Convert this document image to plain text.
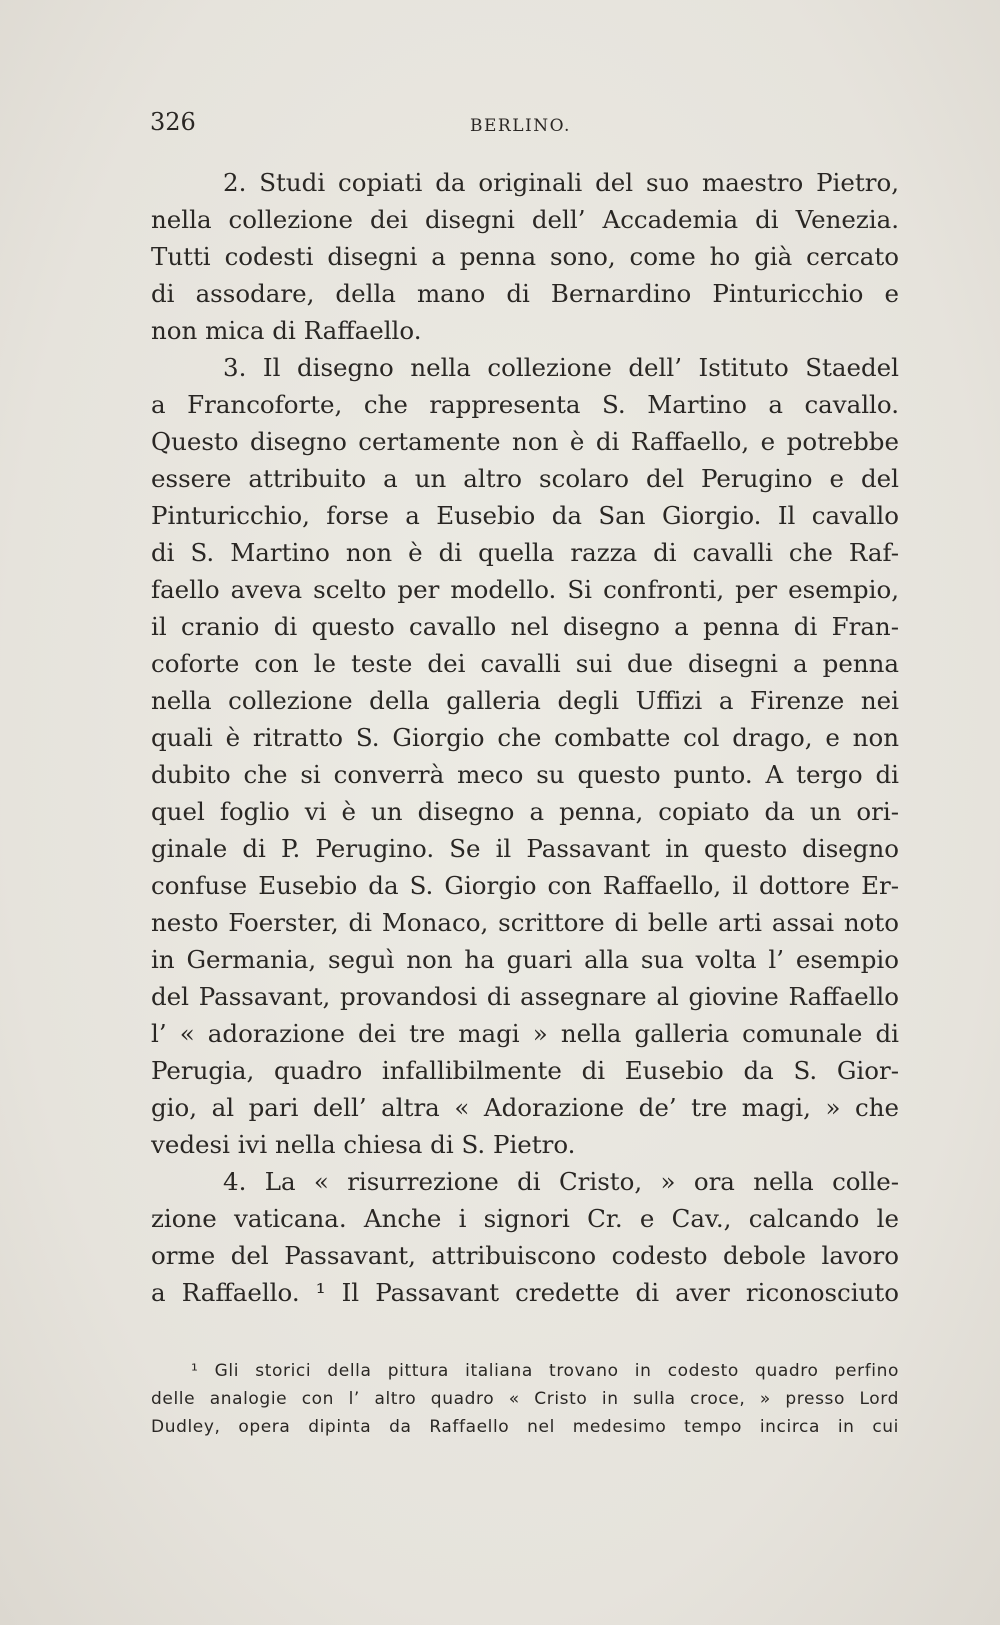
326	BERLINO.
2. Studi copiati da originali del suo maestro Pietro,
nella collezione dei disegni dell’ Accademia di Venezia.
Tutti codesti disegni a penna sono, come ho già cercato
di assodare, della mano di Bernardino Pinturicchio e
non mica di Raffaello.
3. Il disegno nella collezione dell’ Istituto Staedel
a Francoforte, che rappresenta S. Martino a cavallo.
Questo disegno certamente non è di Raffaello, e potrebbe
essere attribuito a un altro scolaro del Perugino e del
Pinturicchio, forse a Eusebio da San Giorgio. Il cavallo
di S. Martino non è di quella razza di cavalli che Raf-
faello aveva scelto per modello. Si confronti, per esempio,
il cranio di questo cavallo nel disegno a penna di Fran-
coforte con le teste dei cavalli sui due disegni a penna
nella collezione della galleria degli Uffizi a Firenze nei
quali è ritratto S. Giorgio che combatte col drago, e non
dubito che si converrà meco su questo punto. A tergo di
quel foglio vi è un disegno a penna, copiato da un ori-
ginale di P. Perugino. Se il Passavant in questo disegno
confuse Eusebio da S. Giorgio con Raffaello, il dottore Er-
nesto Foerster, di Monaco, scrittore di belle arti assai noto
in Germania, seguì non ha guari alla sua volta l’ esempio
del Passavant, provandosi di assegnare al giovine Raffaello
l’ « adorazione dei tre magi » nella galleria comunale di
Perugia, quadro infallibilmente di Eusebio da S. Gior-
gio, al pari dell’ altra « Adorazione de’ tre magi, » che
vedesi ivi nella chiesa di S. Pietro.
4. La « risurrezione di Cristo, » ora nella colle-
zione vaticana. Anche i signori Cr. e Cav., calcando le
orme del Passavant, attribuiscono codesto debole lavoro
a Raffaello. ¹ Il Passavant credette di aver riconosciuto
¹ Gli storici della pittura italiana trovano in codesto quadro perfino
delle analogie con l’ altro quadro « Cristo in sulla croce, » presso Lord
Dudley, opera dipinta da Raffaello nel medesimo tempo incirca in cui
